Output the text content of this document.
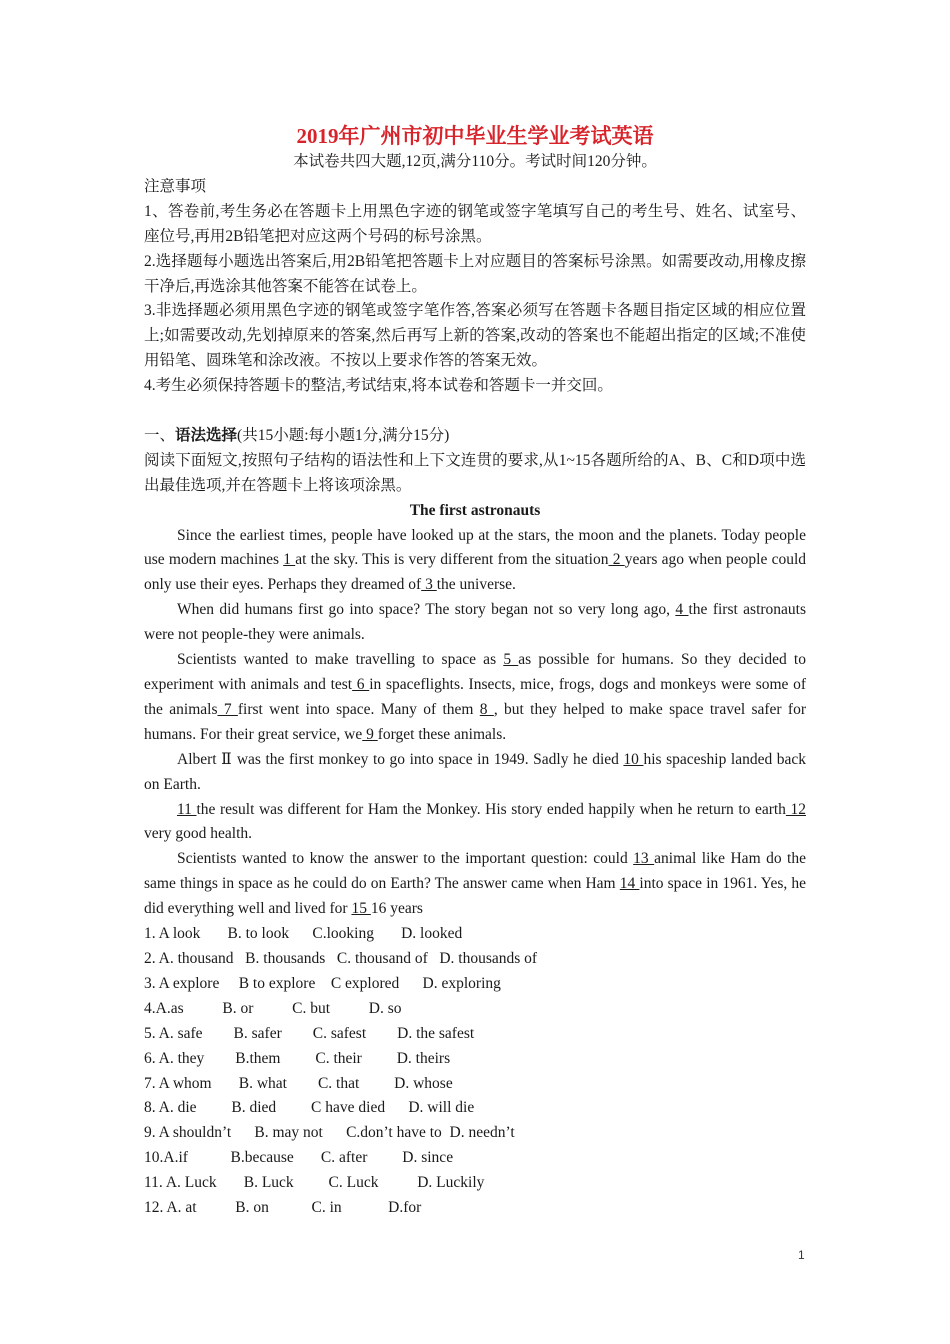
2019年广州市初中毕业生学业考试英语
本试卷共四大题,12页,满分110分。考试时间120分钟。
注意事项
1、答卷前,考生务必在答题卡上用黑色字迹的钢笔或签字笔填写自己的考生号、姓名、试室号、座位号,再用2B铅笔把对应这两个号码的标号涂黑。
2.选择题每小题选出答案后,用2B铅笔把答题卡上对应题目的答案标号涂黑。如需要改动,用橡皮擦干净后,再选涂其他答案不能答在试卷上。
3.非选择题必须用黑色字迹的钢笔或签字笔作答,答案必须写在答题卡各题目指定区域的相应位置上;如需要改动,先划掉原来的答案,然后再写上新的答案,改动的答案也不能超出指定的区域;不准使用铅笔、圆珠笔和涂改液。不按以上要求作答的答案无效。
4.考生必须保持答题卡的整洁,考试结束,将本试卷和答题卡一并交回。
一、语法选择(共15小题:每小题1分,满分15分)
阅读下面短文,按照句子结构的语法性和上下文连贯的要求,从1~15各题所给的A、B、C和D项中选出最佳选项,并在答题卡上将该项涂黑。
The first astronauts
Since the earliest times, people have looked up at the stars, the moon and the planets. Today people use modern machines 1 at the sky. This is very different from the situation 2 years ago when people could only use their eyes. Perhaps they dreamed of 3 the universe.
When did humans first go into space? The story began not so very long ago, 4 the first astronauts were not people-they were animals.
Scientists wanted to make travelling to space as 5 as possible for humans. So they decided to experiment with animals and test 6 in spaceflights. Insects, mice, frogs, dogs and monkeys were some of the animals 7 first went into space. Many of them 8 , but they helped to make space travel safer for humans. For their great service, we 9 forget these animals.
Albert Ⅱ was the first monkey to go into space in 1949. Sadly he died 10 his spaceship landed back on Earth.
11 the result was different for Ham the Monkey. His story ended happily when he return to earth 12 very good health.
Scientists wanted to know the answer to the important question: could 13 animal like Ham do the same things in space as he could do on Earth? The answer came when Ham 14 into space in 1961. Yes, he did everything well and lived for 15 16 years
1. A look       B. to look      C.looking       D. looked
2. A. thousand   B. thousands   C. thousand of   D. thousands of
3. A explore     B to explore    C explored      D. exploring
4.A.as          B. or          C. but          D. so
5. A. safe        B. safer        C. safest        D. the safest
6. A. they        B.them         C. their         D. theirs
7. A whom       B. what        C. that         D. whose
8. A. die         B. died         C have died      D. will die
9. A shouldn’t      B. may not      C.don’t have to  D. needn’t
10.A.if           B.because       C. after         D. since
11. A. Luck       B. Luck         C. Luck          D. Luckily
12. A. at          B. on           C. in            D.for
1
